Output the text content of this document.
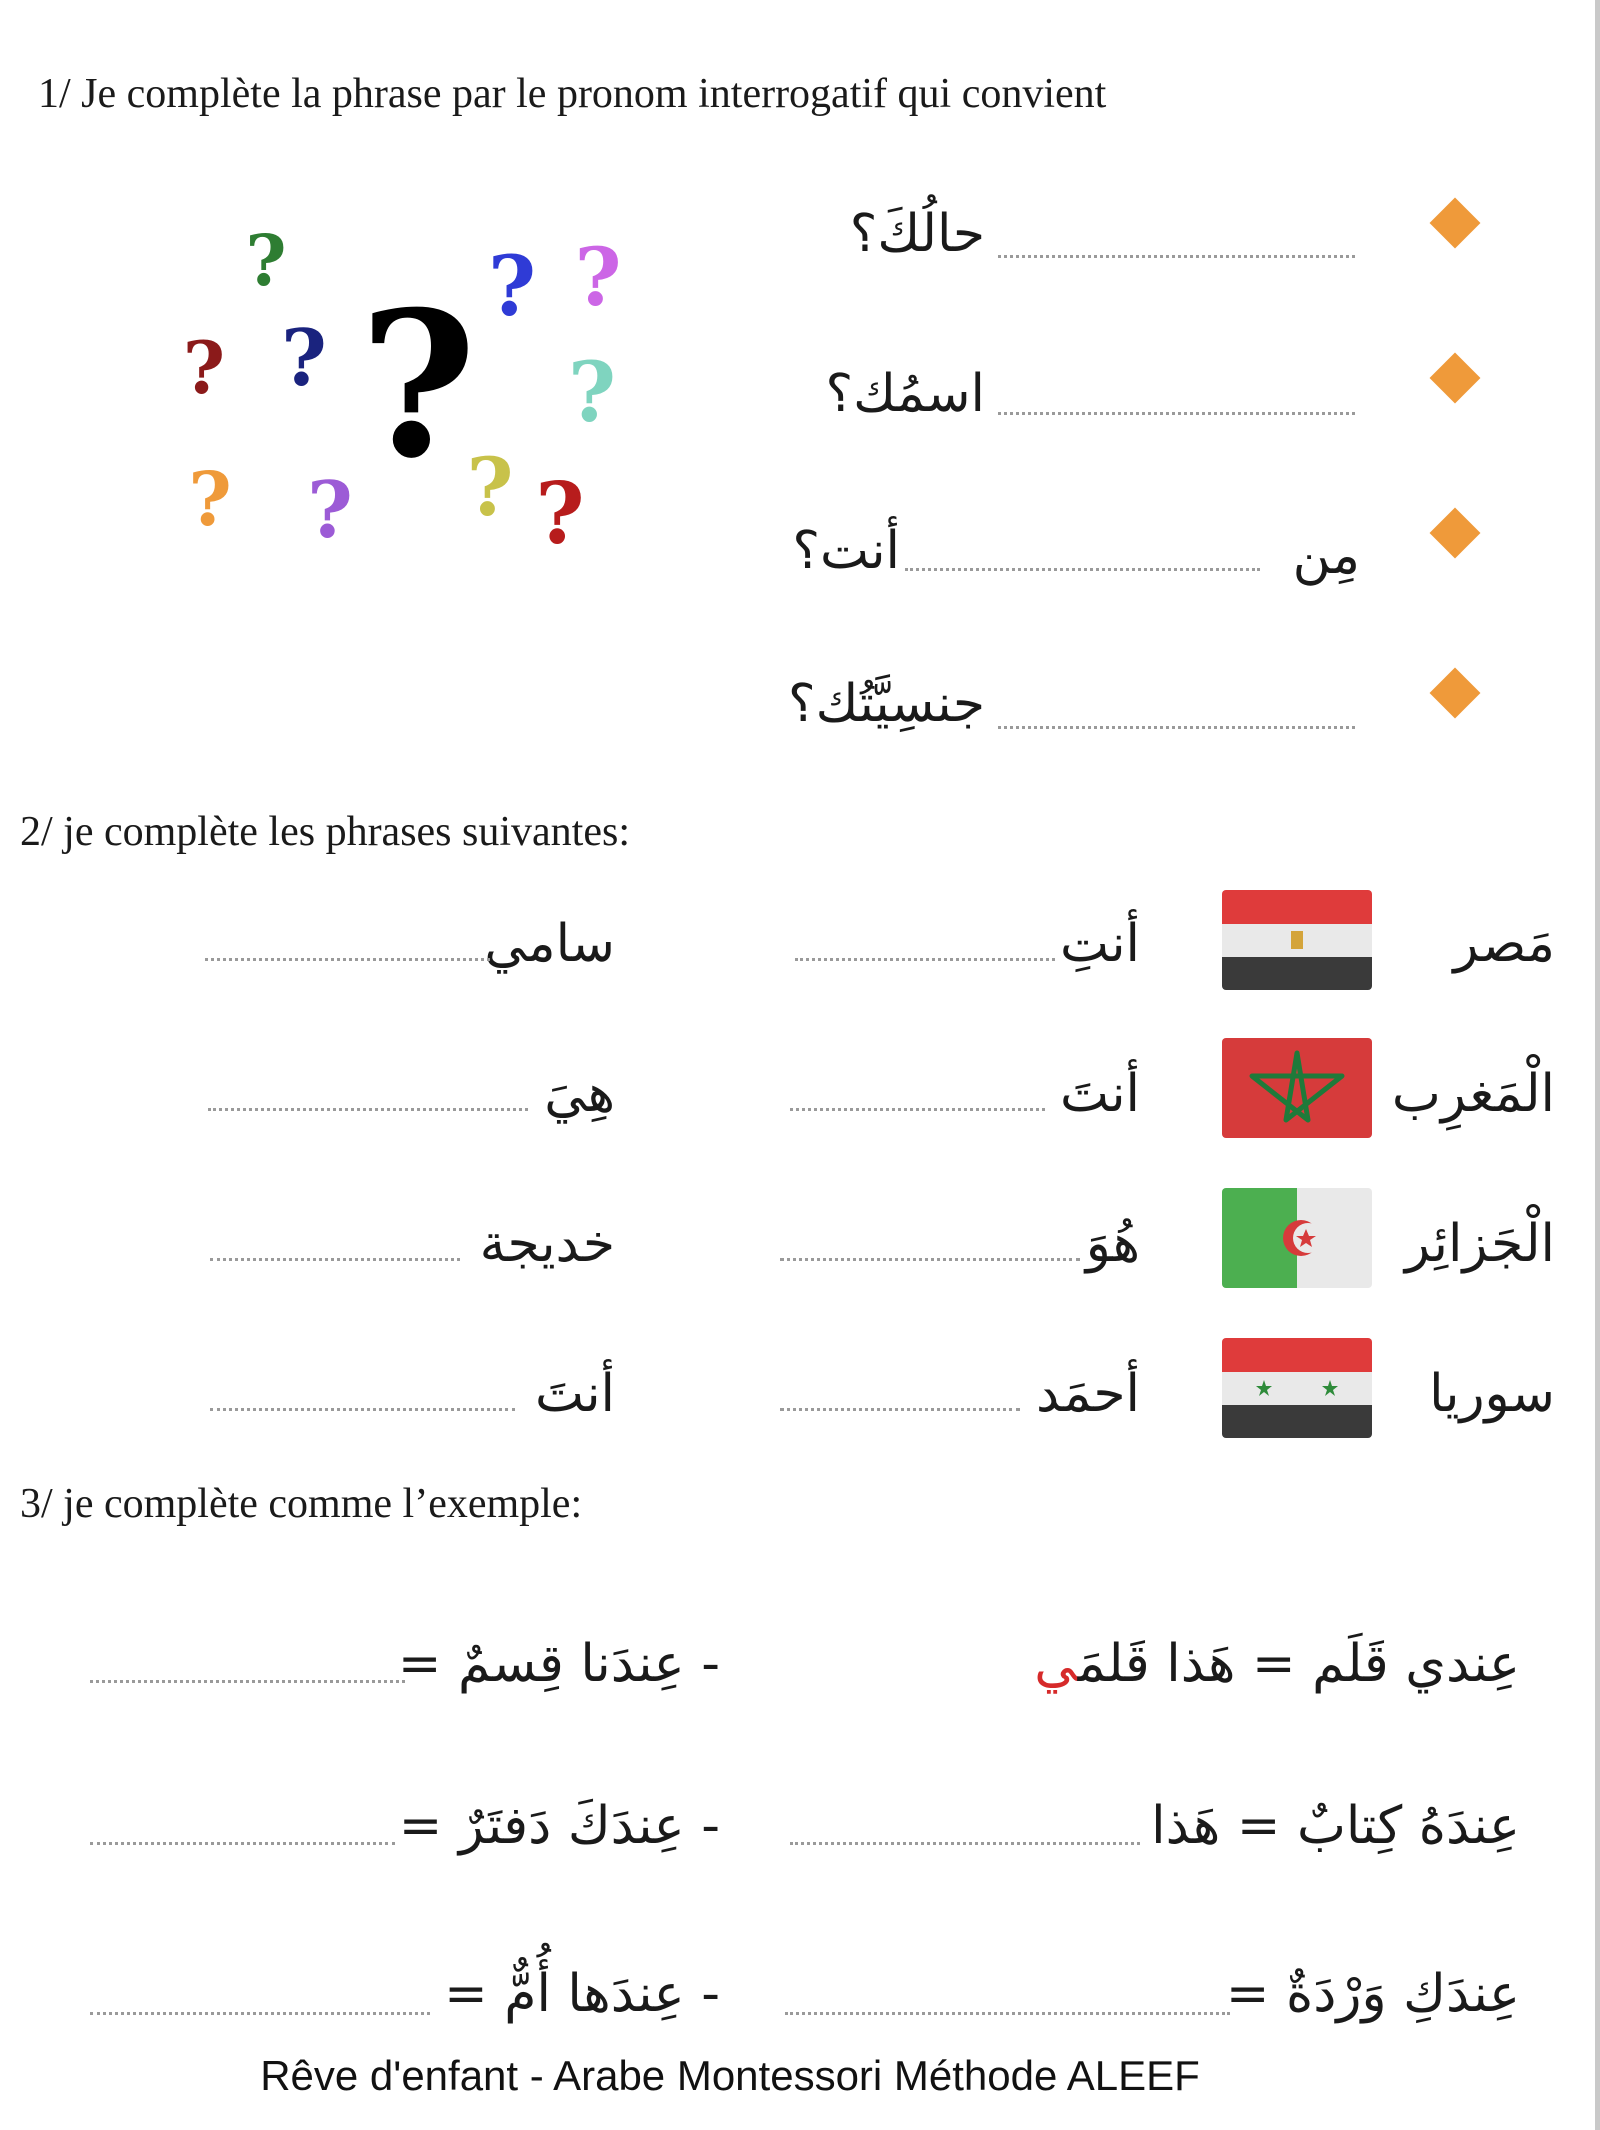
1/ Je complète la phrase par le pronom interrogatif qui convient
?
? ? ? ? ?
?
? ? ? ?
حالُكَ؟
اسمُك؟
مِن
أنت؟
جنسِيَّتُك؟
2/ je complète les phrases suivantes:
مَصر
أنتِ
سامي
الْمَغرِب
أنتَ
هِيَ
الْجَزائِر
هُوَ
خديجة
سوريا
أحمَد
أنتَ
3/ je complète comme l’exemple:
عِندي قَلَم = هَذا قَلمَي
- عِندَنا قِسمٌ =
عِندَهُ كِتابٌ = هَذا
- عِندَكَ دَفتَرٌ =
عِندَكِ وَرْدَةٌ =
- عِندَها أُمٌّ =
Rêve d'enfant - Arabe Montessori Méthode ALEEF
